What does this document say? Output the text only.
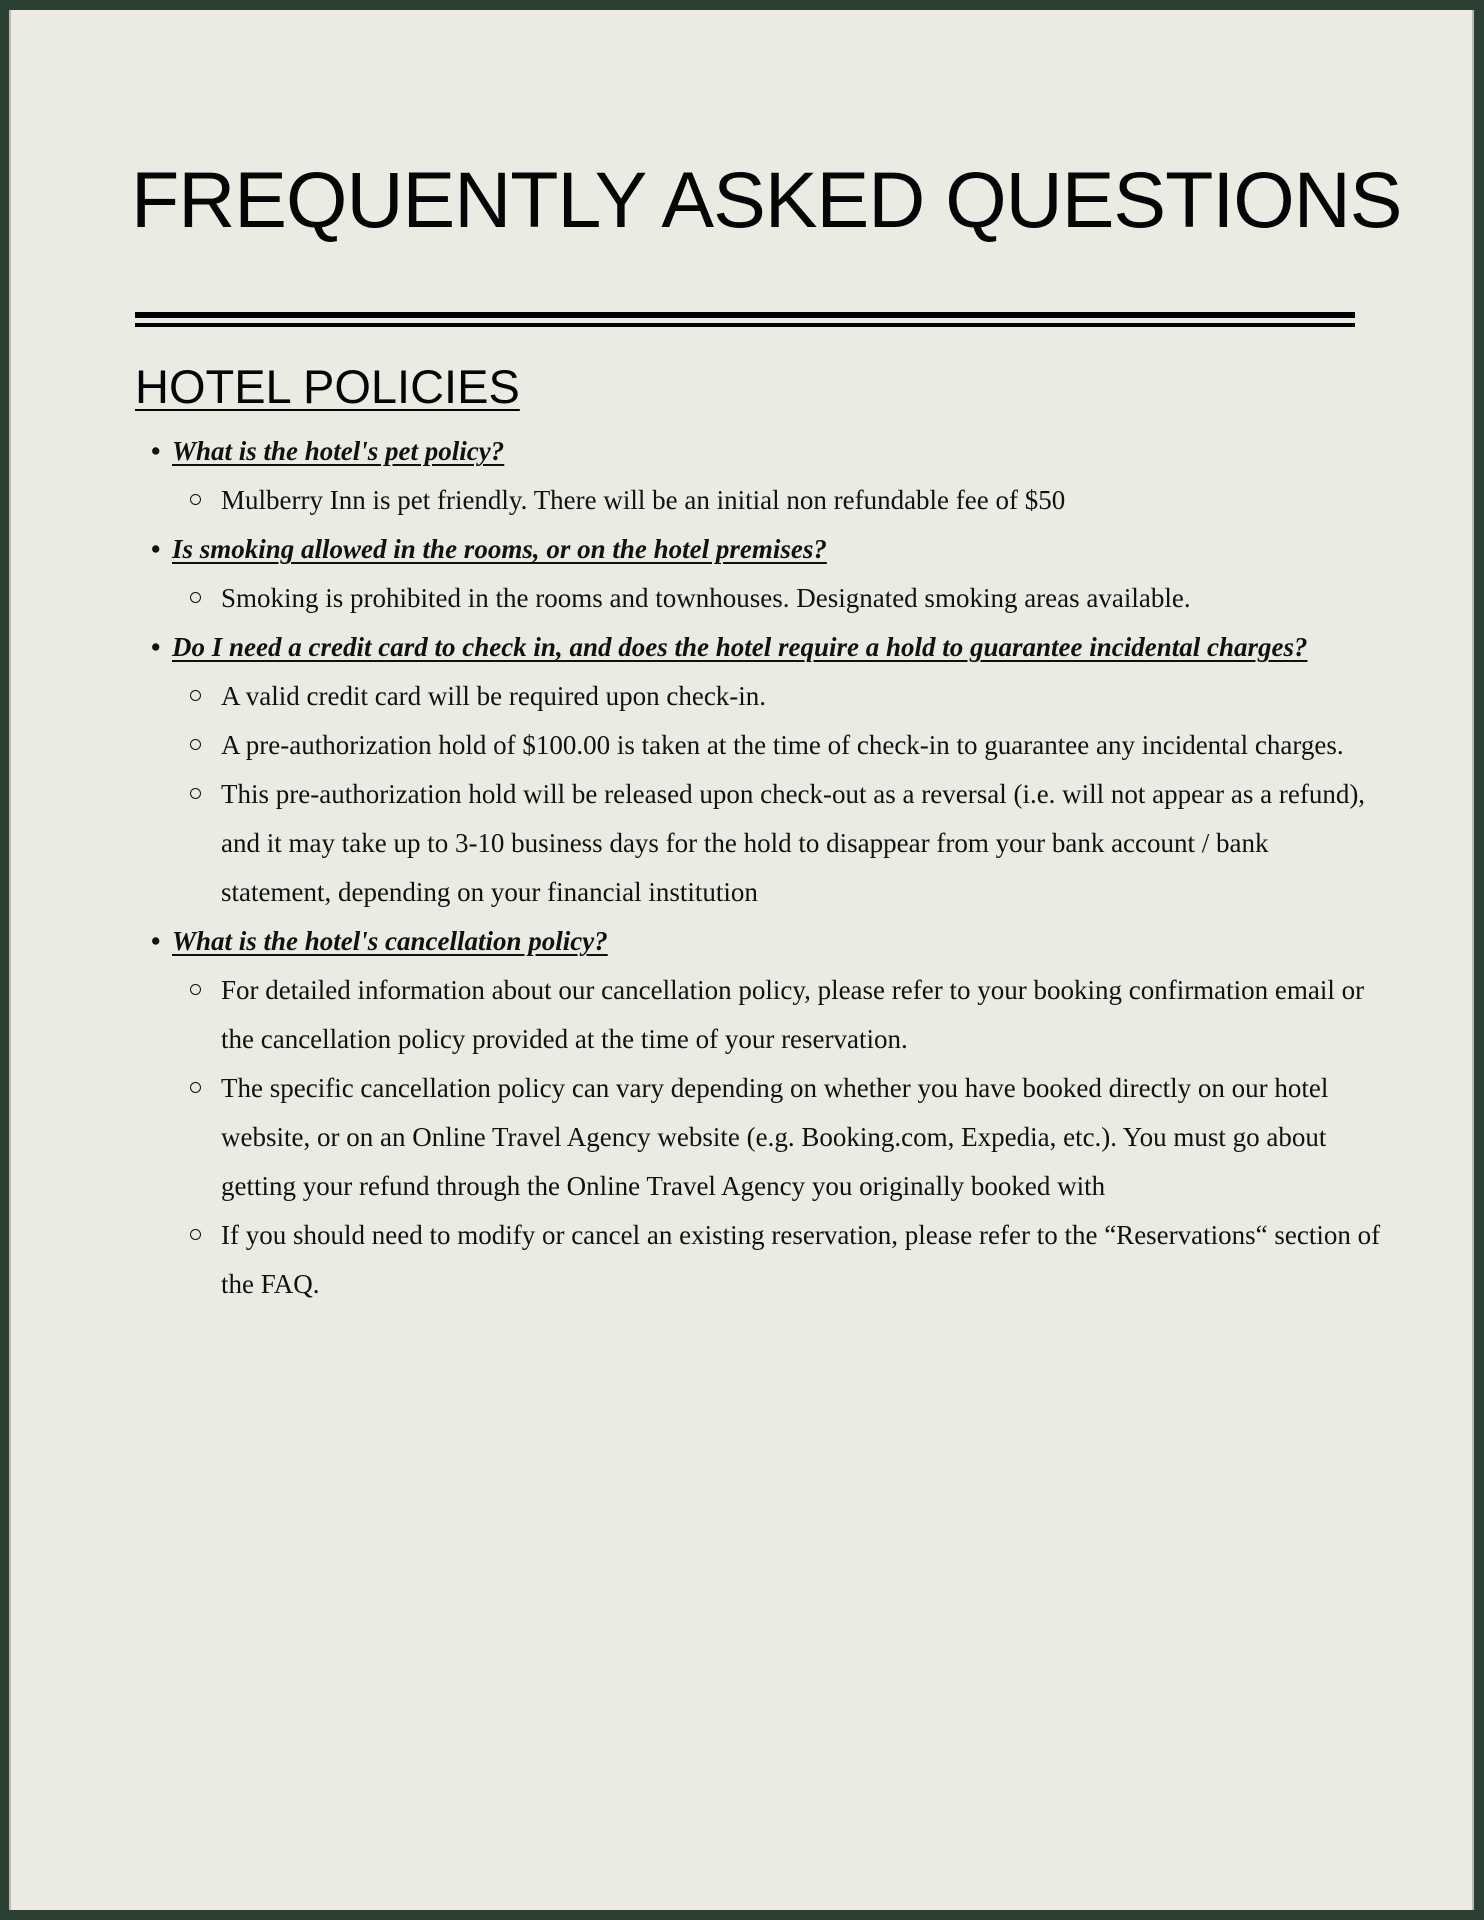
FREQUENTLY ASKED QUESTIONS
HOTEL POLICIES
• What is the hotel's pet policy?
Mulberry Inn is pet friendly. There will be an initial non refundable fee of $50
• Is smoking allowed in the rooms, or on the hotel premises?
Smoking is prohibited in the rooms and townhouses. Designated smoking areas available.
• Do I need a credit card to check in, and does the hotel require a hold to guarantee incidental charges?
A valid credit card will be required upon check-in.
A pre-authorization hold of $100.00 is taken at the time of check-in to guarantee any incidental charges.
This pre-authorization hold will be released upon check-out as a reversal (i.e. will not appear as a refund), and it may take up to 3-10 business days for the hold to disappear from your bank account / bank statement, depending on your financial institution
• What is the hotel's cancellation policy?
For detailed information about our cancellation policy, please refer to your booking confirmation email or the cancellation policy provided at the time of your reservation.
The specific cancellation policy can vary depending on whether you have booked directly on our hotel website, or on an Online Travel Agency website (e.g. Booking.com, Expedia, etc.). You must go about getting your refund through the Online Travel Agency you originally booked with
If you should need to modify or cancel an existing reservation, please refer to the “Reservations“ section of the FAQ.
